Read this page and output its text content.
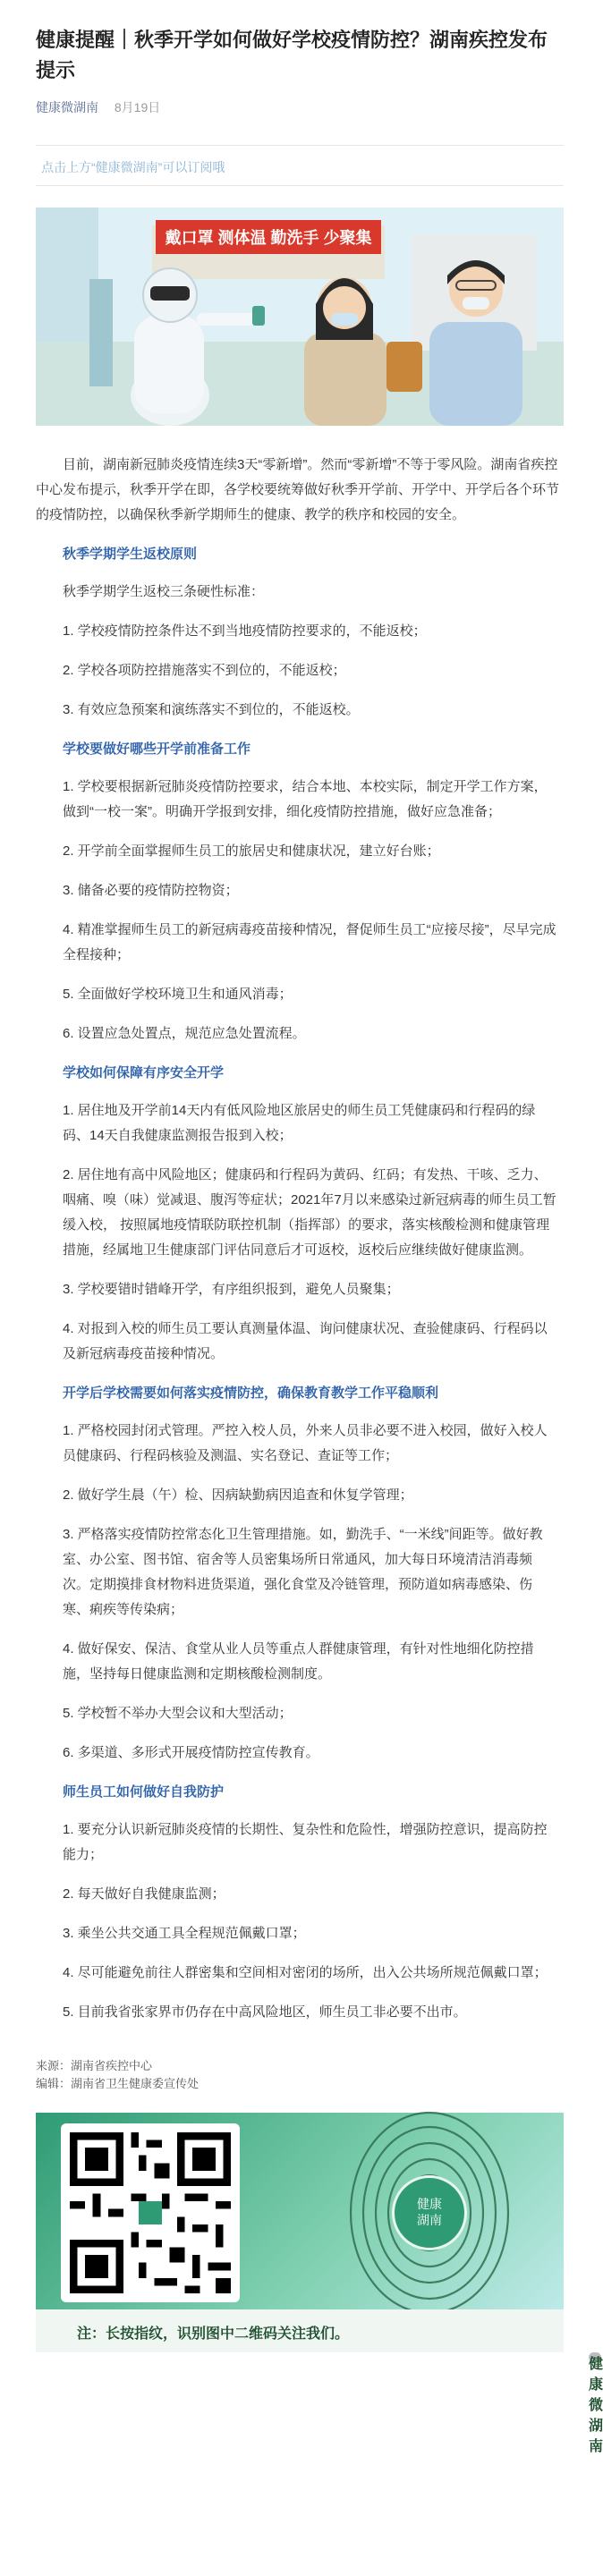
健康提醒｜秋季开学如何做好学校疫情防控？湖南疾控发布提示
健康微湖南 8月19日
点击上方“健康微湖南”可以订阅哦
戴口罩 测体温 勤洗手 少聚集

目前，湖南新冠肺炎疫情连续3天“零新增”。然而“零新增”不等于零风险。湖南省疾控中心发布提示，秋季开学在即，各学校要统筹做好秋季开学前、开学中、开学后各个环节的疫情防控，以确保秋季新学期师生的健康、教学的秩序和校园的安全。

秋季学期学生返校原则

秋季学期学生返校三条硬性标准：

1. 学校疫情防控条件达不到当地疫情防控要求的，不能返校；

2. 学校各项防控措施落实不到位的，不能返校；

3. 有效应急预案和演练落实不到位的，不能返校。

学校要做好哪些开学前准备工作

1. 学校要根据新冠肺炎疫情防控要求，结合本地、本校实际，制定开学工作方案，做到“一校一案”。明确开学报到安排，细化疫情防控措施，做好应急准备；

2. 开学前全面掌握师生员工的旅居史和健康状况，建立好台账；

3. 储备必要的疫情防控物资；

4. 精准掌握师生员工的新冠病毒疫苗接种情况，督促师生员工“应接尽接”，尽早完成全程接种；

5. 全面做好学校环境卫生和通风消毒；

6. 设置应急处置点，规范应急处置流程。

学校如何保障有序安全开学

1. 居住地及开学前14天内有低风险地区旅居史的师生员工凭健康码和行程码的绿码、14天自我健康监测报告报到入校；

2. 居住地有高中风险地区；健康码和行程码为黄码、红码；有发热、干咳、乏力、咽痛、嗅（味）觉减退、腹泻等症状；2021年7月以来感染过新冠病毒的师生员工暂缓入校， 按照属地疫情联防联控机制（指挥部）的要求，落实核酸检测和健康管理措施，经属地卫生健康部门评估同意后才可返校，返校后应继续做好健康监测。

3. 学校要错时错峰开学，有序组织报到，避免人员聚集；

4. 对报到入校的师生员工要认真测量体温、询问健康状况、查验健康码、行程码以及新冠病毒疫苗接种情况。

开学后学校需要如何落实疫情防控，确保教育教学工作平稳顺利

1. 严格校园封闭式管理。严控入校人员，外来人员非必要不进入校园，做好入校人员健康码、行程码核验及测温、实名登记、查证等工作；

2. 做好学生晨（午）检、因病缺勤病因追查和休复学管理；

3. 严格落实疫情防控常态化卫生管理措施。如，勤洗手、“一米线”间距等。做好教室、办公室、图书馆、宿舍等人员密集场所日常通风，加大每日环境清洁消毒频次。定期摸排食材物料进货渠道，强化食堂及冷链管理，预防道如病毒感染、伤寒、痢疾等传染病；

4. 做好保安、保洁、食堂从业人员等重点人群健康管理，有针对性地细化防控措施，坚持每日健康监测和定期核酸检测制度。

5. 学校暂不举办大型会议和大型活动；

6. 多渠道、多形式开展疫情防控宣传教育。

师生员工如何做好自我防护

1. 要充分认识新冠肺炎疫情的长期性、复杂性和危险性，增强防控意识，提高防控能力；

2. 每天做好自我健康监测；

3. 乘坐公共交通工具全程规范佩戴口罩；

4. 尽可能避免前往人群密集和空间相对密闭的场所，出入公共场所规范佩戴口罩；

5. 目前我省张家界市仍存在中高风险地区，师生员工非必要不出市。

来源：湖南省疾控中心
编辑：湖南省卫生健康委宣传处
健康湖南
注：长按指纹，识别图中二维码关注我们。
健康微湖南
